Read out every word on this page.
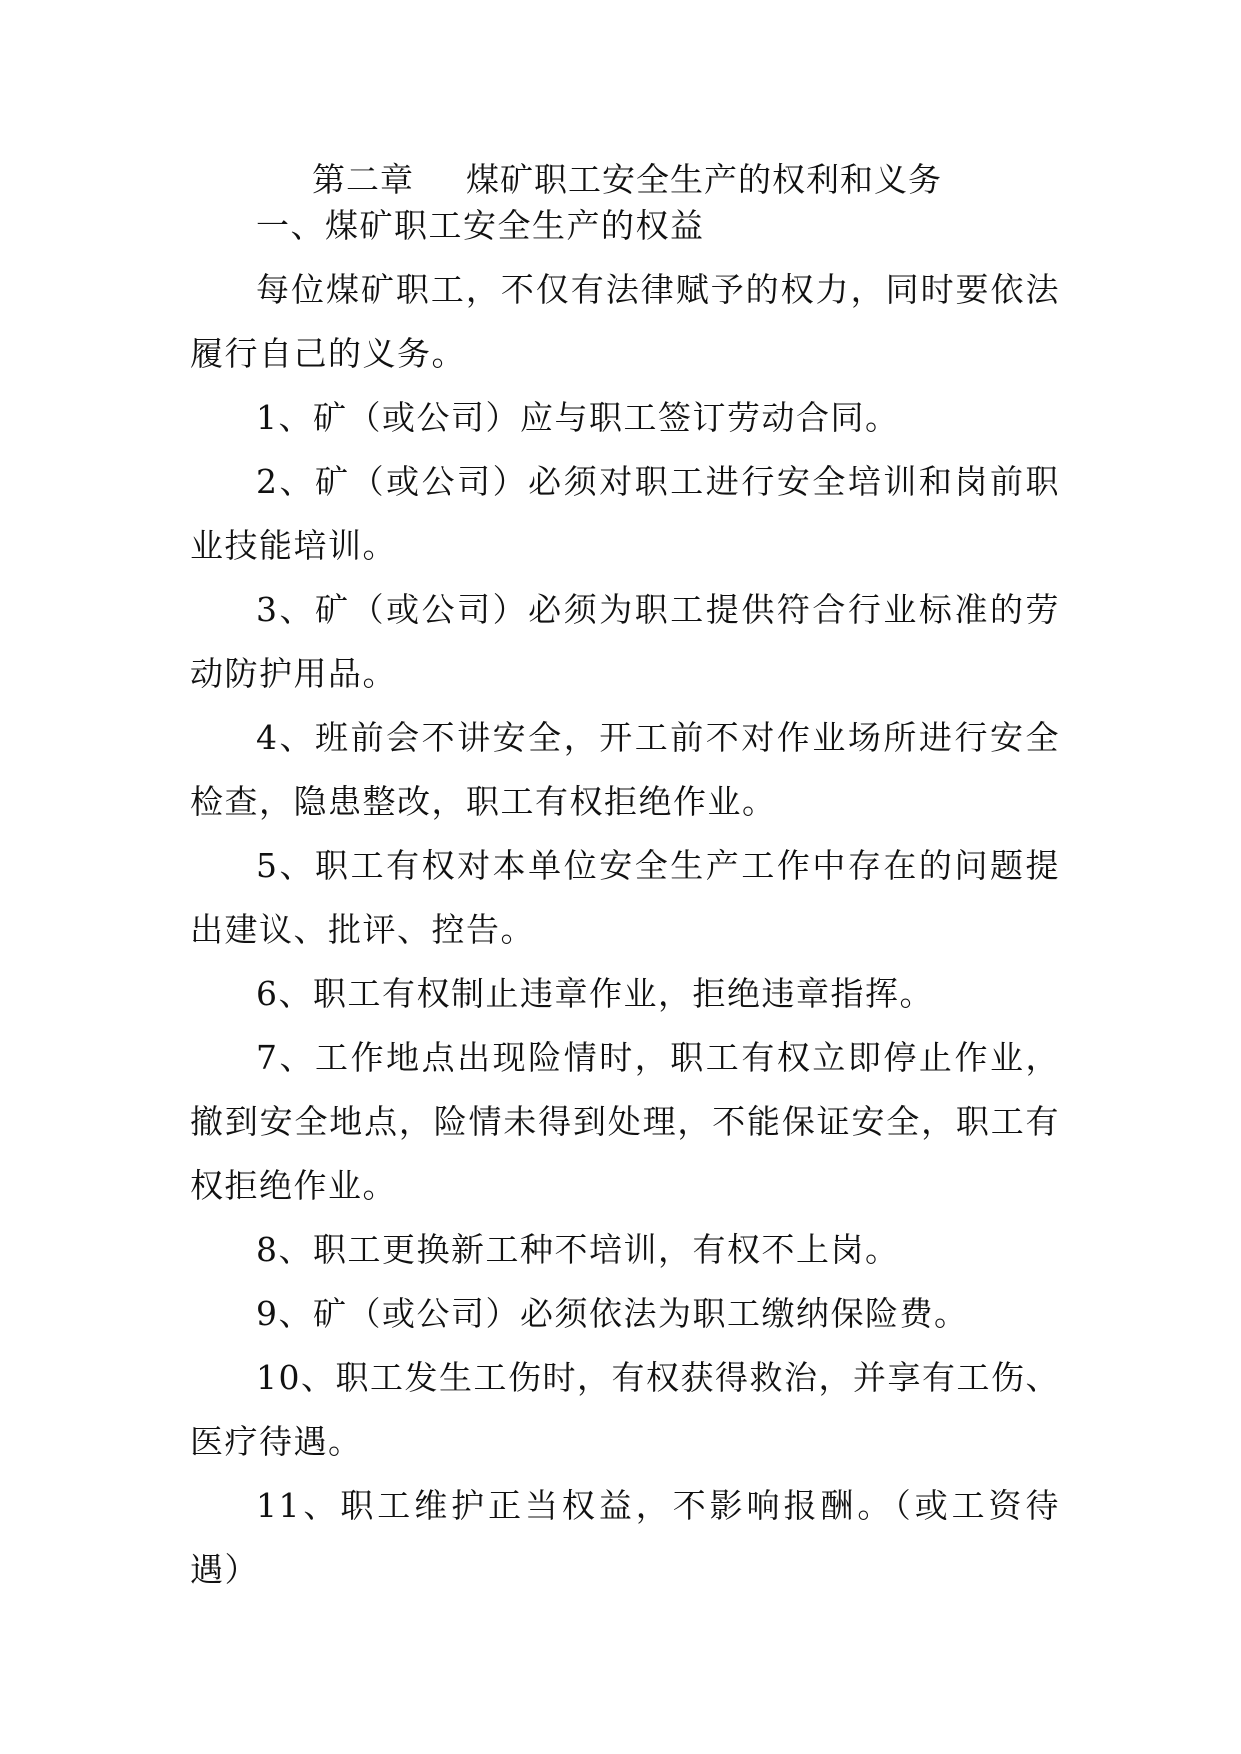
第二章 煤矿职工安全生产的权利和义务

一、煤矿职工安全生产的权益

每位煤矿职工，不仅有法律赋予的权力，同时要依法履行自己的义务。

1、矿（或公司）应与职工签订劳动合同。

2、矿（或公司）必须对职工进行安全培训和岗前职业技能培训。

3、矿（或公司）必须为职工提供符合行业标准的劳动防护用品。

4、班前会不讲安全，开工前不对作业场所进行安全检查，隐患整改，职工有权拒绝作业。

5、职工有权对本单位安全生产工作中存在的问题提出建议、批评、控告。

6、职工有权制止违章作业，拒绝违章指挥。

7、工作地点出现险情时，职工有权立即停止作业，撤到安全地点，险情未得到处理，不能保证安全，职工有权拒绝作业。

8、职工更换新工种不培训，有权不上岗。

9、矿（或公司）必须依法为职工缴纳保险费。

10、职工发生工伤时，有权获得救治，并享有工伤、医疗待遇。

11、职工维护正当权益，不影响报酬。（或工资待遇）
